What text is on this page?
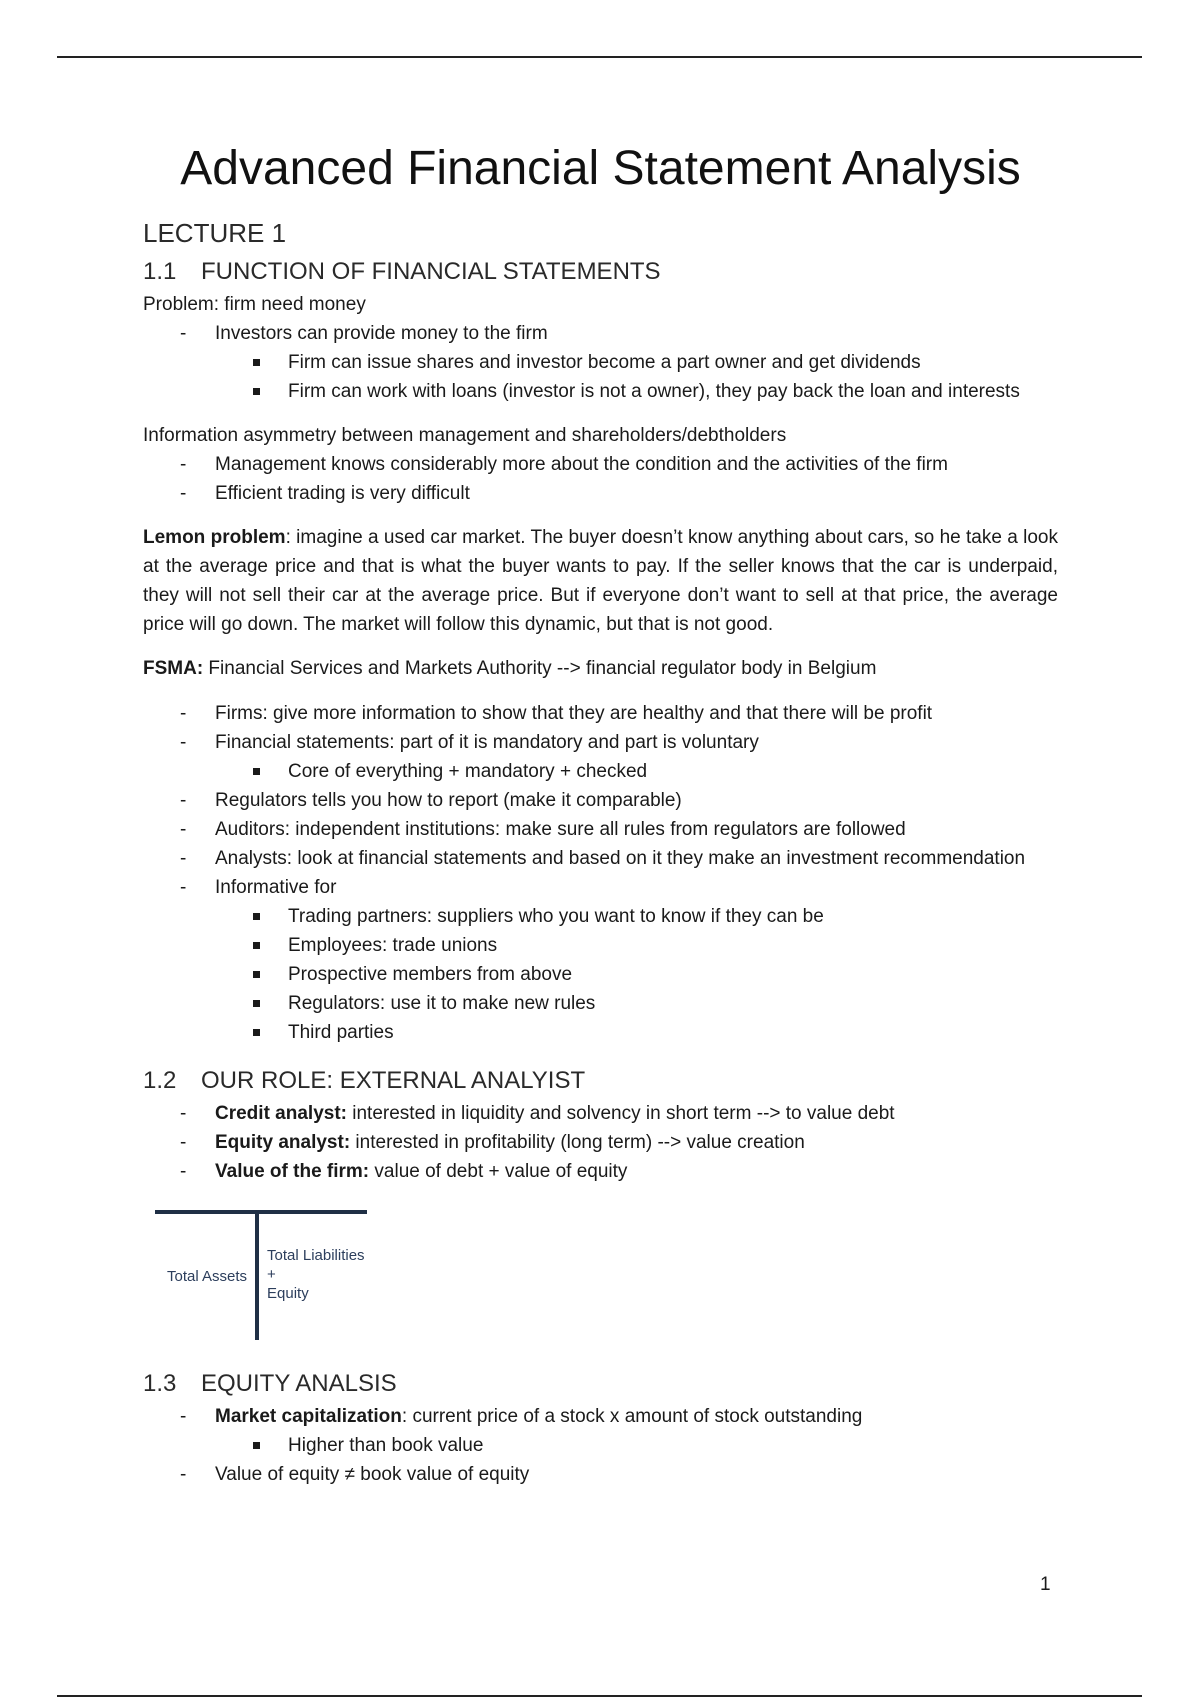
Advanced Financial Statement Analysis
LECTURE 1
1.1 FUNCTION OF FINANCIAL STATEMENTS

Problem: firm need money

- Investors can provide money to the firm
Firm can issue shares and investor become a part owner and get dividends
Firm can work with loans (investor is not a owner), they pay back the loan and interests

Information asymmetry between management and shareholders/debtholders

- Management knows considerably more about the condition and the activities of the firm
- Efficient trading is very difficult

Lemon problem: imagine a used car market. The buyer doesn’t know anything about cars, so he take a look at the average price and that is what the buyer wants to pay. If the seller knows that the car is underpaid, they will not sell their car at the average price. But if everyone don’t want to sell at that price, the average price will go down. The market will follow this dynamic, but that is not good.

FSMA: Financial Services and Markets Authority --> financial regulator body in Belgium

- Firms: give more information to show that they are healthy and that there will be profit
- Financial statements: part of it is mandatory and part is voluntary
Core of everything + mandatory + checked
- Regulators tells you how to report (make it comparable)
- Auditors: independent institutions: make sure all rules from regulators are followed
- Analysts: look at financial statements and based on it they make an investment recommendation
- Informative for
Trading partners: suppliers who you want to know if they can be
Employees: trade unions
Prospective members from above
Regulators: use it to make new rules
Third parties
1.2 OUR ROLE: EXTERNAL ANALYIST
- Credit analyst: interested in liquidity and solvency in short term --> to value debt
- Equity analyst: interested in profitability (long term) --> value creation
- Value of the firm: value of debt + value of equity
Total Assets
Total Liabilities
+
Equity
1.3 EQUITY ANALSIS
- Market capitalization: current price of a stock x amount of stock outstanding
Higher than book value
- Value of equity ≠ book value of equity
1
